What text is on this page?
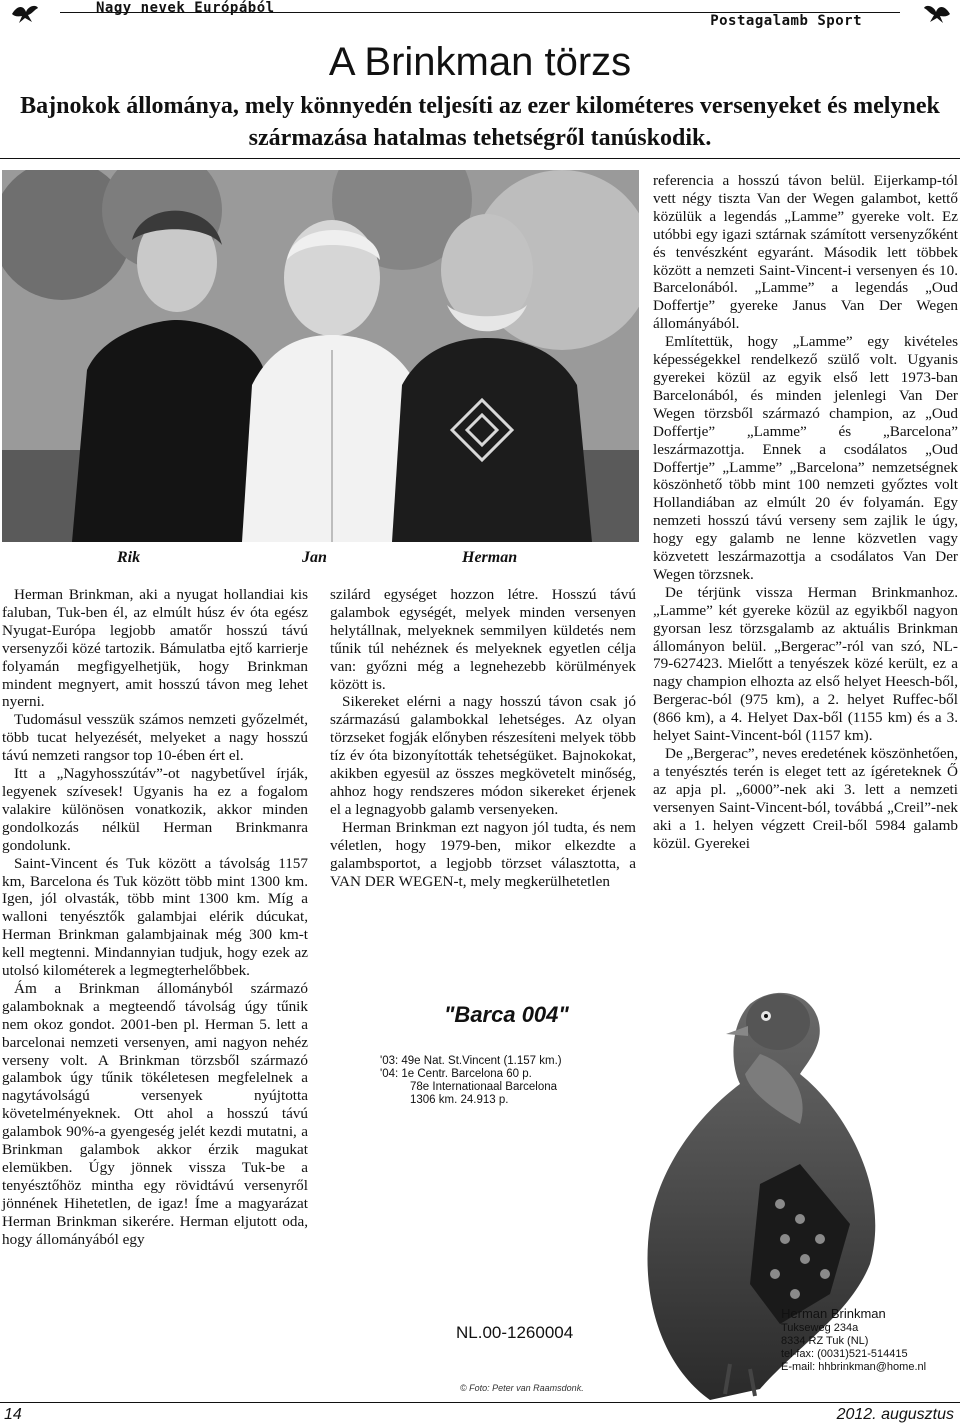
Nagy nevek Európából
Postagalamb Sport
A Brinkman törzs
Bajnokok állománya, mely könnyedén teljesíti az ezer kilométeres versenyeket és melynek származása hatalmas tehetségről tanúskodik.
Rik	Jan	Herman

Herman Brinkman, aki a nyugat hollandiai kis faluban, Tuk-ben él, az elmúlt húsz év óta egész Nyugat-Európa legjobb amatőr hosszú távú versenyzői közé tartozik. Bámulatba ejtő karrierje folyamán megfigyelhetjük, hogy Brinkman mindent megnyert, amit hosszú távon meg lehet nyerni.

Tudomásul vesszük számos nemzeti győzelmét, több tucat helyezését, melyeket a nagy hosszú távú nemzeti rangsor top 10-ében ért el.

Itt a „Nagyhosszútáv”-ot nagybetűvel írják, legyenek szívesek! Ugyanis ha ez a fogalom valakire különösen vonatkozik, akkor minden gondolkozás nélkül Herman Brinkmanra gondolunk.

Saint-Vincent és Tuk között a távolság 1157 km, Barcelona és Tuk között több mint 1300 km. Igen, jól olvasták, több mint 1300 km. Míg a walloni tenyésztők galambjai elérik dúcukat, Herman Brinkman galambjainak még 300 km-t kell megtenni. Mindannyian tudjuk, hogy ezek az utolsó kilométerek a legmegterhelőbbek.

Ám a Brinkman állományból származó galamboknak a megteendő távolság úgy tűnik nem okoz gondot. 2001-ben pl. Herman 5. lett a barcelonai nemzeti versenyen, ami nagyon nehéz verseny volt. A Brinkman törzsből származó galambok úgy tűnik tökéletesen megfelelnek a nagytávolságú versenyek nyújtotta követelményeknek. Ott ahol a hosszú távú galambok 90%-a gyengeség jelét kezdi mutatni, a Brinkman galambok akkor érzik magukat elemükben. Úgy jönnek vissza Tuk-be a tenyésztőhöz mintha egy rövidtávú versenyről jönnének Hihetetlen, de igaz! Íme a magyarázat Herman Brinkman sikerére. Herman eljutott oda, hogy állományából egy

szilárd egységet hozzon létre. Hosszú távú galambok egységét, melyek minden versenyen helytállnak, melyeknek semmilyen küldetés nem tűnik túl nehéznek és melyeknek egyetlen célja van: győzni még a legnehezebb körülmények között is.

Sikereket elérni a nagy hosszú távon csak jó származású galambokkal lehetséges. Az olyan törzseket fogják előnyben részesíteni melyek több tíz év óta bizonyították tehetségüket. Bajnokokat, akikben egyesül az összes megkövetelt minőség, ahhoz hogy rendszeres módon sikereket érjenek el a legnagyobb galamb versenyeken.

Herman Brinkman ezt nagyon jól tudta, és nem véletlen, hogy 1979-ben, mikor elkezdte a galambsportot, a legjobb törzset választotta, a VAN DER WEGEN-t, mely megkerülhetetlen

referencia a hosszú távon belül. Eijerkamp-tól vett négy tiszta Van der Wegen galambot, kettő közülük a legendás „Lamme” gyereke volt. Ez utóbbi egy igazi sztárnak számított versenyzőként és tenvészként egyaránt. Második lett többek között a nemzeti Saint-Vincent-i versenyen és 10. Barcelonából. „Lamme” a legendás „Oud Doffertje” gyereke Janus Van Der Wegen állományából.

Említettük, hogy „Lamme” egy kivételes képességekkel rendelkező szülő volt. Ugyanis gyerekei közül az egyik első lett 1973-ban Barcelonából, és minden jelenlegi Van Der Wegen törzsből származó champion, az „Oud Doffertje” „Lamme” és „Barcelona” leszármazottja. Ennek a csodálatos „Oud Doffertje” „Lamme” „Barcelona” nemzetségnek köszönhető több mint 100 nemzeti győztes volt Hollandiában az elmúlt 20 év folyamán. Egy nemzeti hosszú távú verseny sem zajlik le úgy, hogy egy galamb ne lenne közvetlen vagy közvetett leszármazottja a csodálatos Van Der Wegen törzsnek.

De térjünk vissza Herman Brinkmanhoz. „Lamme” két gyereke közül az egyikből nagyon gyorsan lesz törzsgalamb az aktuális Brinkman állományon belül. „Bergerac”-ról van szó, NL-79-627423. Mielőtt a tenyészek közé került, ez a nagy champion elhozta az első helyet Heesch-ből, Bergerac-ból (975 km), a 2. helyet Ruffec-ből (866 km), a 4. Helyet Dax-ből (1155 km) és a 3. helyet Saint-Vincent-ból (1157 km).

De „Bergerac”, neves eredetének köszönhetően, a tenyésztés terén is eleget tett az ígéreteknek Ő az apja pl. „6000”-nek aki 3. lett a nemzeti versenyen Saint-Vincent-ból, továbbá „Creil”-nek aki a 1. helyen végzett Creil-ből 5984 galamb közül. Gyerekei

"Barca 004"
'03: 49e Nat. St.Vincent (1.157 km.)
'04: 1e Centr. Barcelona 60 p.
78e Internationaal Barcelona
1306 km. 24.913 p.
Herman Brinkman
Tukseweg 234a
8334 RZ Tuk (NL)
tel-fax: (0031)521-514415
E-mail: hhbrinkman@home.nl
NL.00-1260004
© Foto: Peter van Raamsdonk.
14	2012. augusztus
